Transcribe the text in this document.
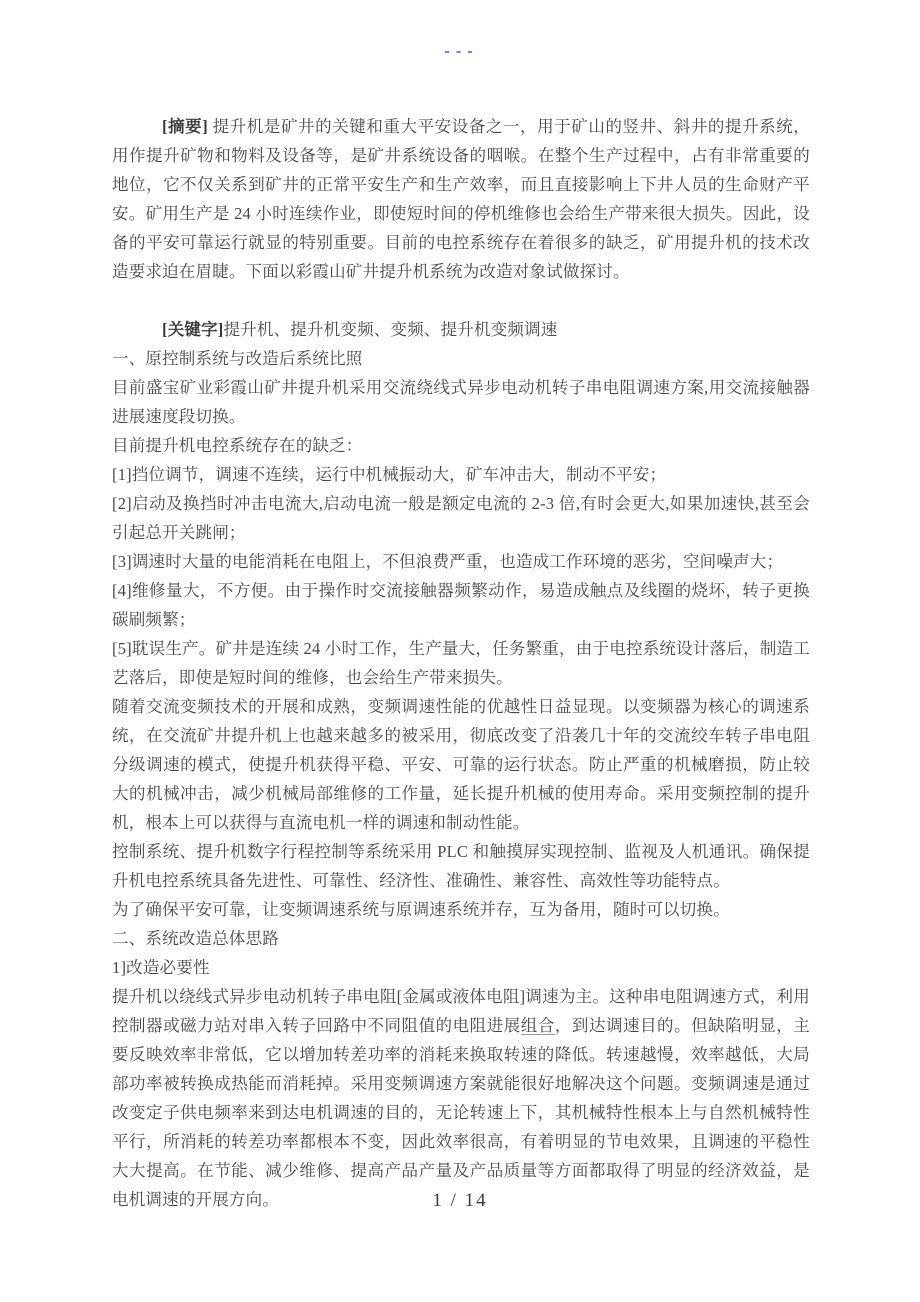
---

[摘要] 提升机是矿井的关键和重大平安设备之一，用于矿山的竖井、斜井的提升系统，用作提升矿物和物料及设备等，是矿井系统设备的咽喉。在整个生产过程中，占有非常重要的地位，它不仅关系到矿井的正常平安生产和生产效率，而且直接影响上下井人员的生命财产平安。矿用生产是 24 小时连续作业，即使短时间的停机维修也会给生产带来很大损失。因此，设备的平安可靠运行就显的特别重要。目前的电控系统存在着很多的缺乏，矿用提升机的技术改造要求迫在眉睫。下面以彩霞山矿井提升机系统为改造对象试做探讨。

[关键字]提升机、提升机变频、变频、提升机变频调速

一、原控制系统与改造后系统比照

目前盛宝矿业彩霞山矿井提升机采用交流绕线式异步电动机转子串电阻调速方案,用交流接触器进展速度段切换。

目前提升机电控系统存在的缺乏：

[1]挡位调节，调速不连续，运行中机械振动大，矿车冲击大，制动不平安；

[2]启动及换挡时冲击电流大,启动电流一般是额定电流的 2-3 倍,有时会更大,如果加速快,甚至会引起总开关跳闸；

[3]调速时大量的电能消耗在电阻上，不但浪费严重，也造成工作环境的恶劣，空间噪声大；

[4]维修量大，不方便。由于操作时交流接触器频繁动作，易造成触点及线圈的烧坏，转子更换碳刷频繁；

[5]耽误生产。矿井是连续 24 小时工作，生产量大，任务繁重，由于电控系统设计落后，制造工艺落后，即使是短时间的维修，也会给生产带来损失。

随着交流变频技术的开展和成熟，变频调速性能的优越性日益显现。以变频器为核心的调速系统，在交流矿井提升机上也越来越多的被采用，彻底改变了沿袭几十年的交流绞车转子串电阻分级调速的模式，使提升机获得平稳、平安、可靠的运行状态。防止严重的机械磨损，防止较大的机械冲击，减少机械局部维修的工作量，延长提升机械的使用寿命。采用变频控制的提升机，根本上可以获得与直流电机一样的调速和制动性能。

控制系统、提升机数字行程控制等系统采用 PLC 和触摸屏实现控制、监视及人机通讯。确保提升机电控系统具备先进性、可靠性、经济性、准确性、兼容性、高效性等功能特点。

为了确保平安可靠，让变频调速系统与原调速系统并存，互为备用，随时可以切换。

二、系统改造总体思路

1]改造必要性

提升机以绕线式异步电动机转子串电阻[金属或液体电阻]调速为主。这种串电阻调速方式，利用控制器或磁力站对串入转子回路中不同阻值的电阻进展组合，到达调速目的。但缺陷明显，主要反映效率非常低，它以增加转差功率的消耗来换取转速的降低。转速越慢，效率越低，大局部功率被转换成热能而消耗掉。采用变频调速方案就能很好地解决这个问题。变频调速是通过改变定子供电频率来到达电机调速的目的，无论转速上下，其机械特性根本上与自然机械特性平行，所消耗的转差功率都根本不变，因此效率很高，有着明显的节电效果，且调速的平稳性大大提高。在节能、减少维修、提高产品产量及产品质量等方面都取得了明显的经济效益，是电机调速的开展方向。	1 / 14
